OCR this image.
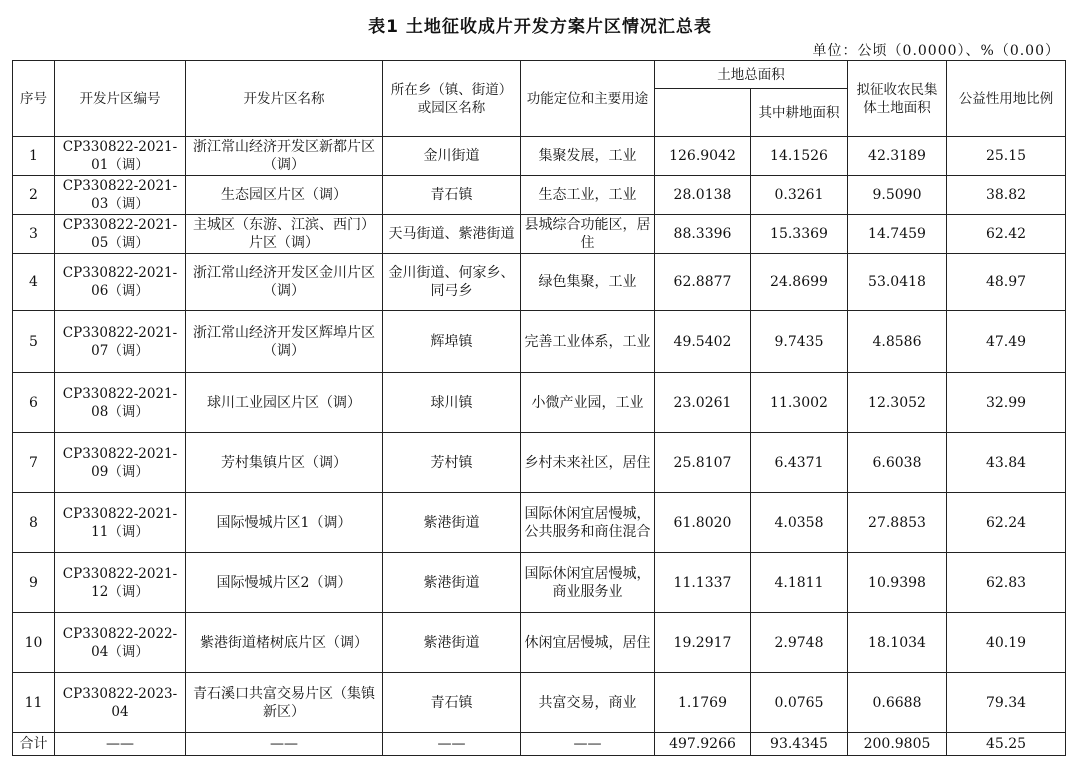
表1 土地征收成片开发方案片区情况汇总表
单位：公顷（0.0000）、%（0.00）
序号	开发片区编号	开发片区名称	所在乡（镇、街道）或园区名称	功能定位和主要用途	土地总面积		拟征收农民集体土地面积	公益性用地比例
						其中耕地面积		
1	CP330822-2021-01（调）	浙江常山经济开发区新都片区（调）	金川街道	集聚发展，工业	126.9042	14.1526	42.3189	25.15
2	CP330822-2021-03（调）	生态园区片区（调）	青石镇	生态工业，工业	28.0138	0.3261	9.5090	38.82
3	CP330822-2021-05（调）	主城区（东游、江滨、西门）片区（调）	天马街道、紫港街道	县城综合功能区，居住	88.3396	15.3369	14.7459	62.42
4	CP330822-2021-06（调）	浙江常山经济开发区金川片区（调）	金川街道、何家乡、同弓乡	绿色集聚，工业	62.8877	24.8699	53.0418	48.97
5	CP330822-2021-07（调）	浙江常山经济开发区辉埠片区（调）	辉埠镇	完善工业体系，工业	49.5402	9.7435	4.8586	47.49
6	CP330822-2021-08（调）	球川工业园区片区（调）	球川镇	小微产业园，工业	23.0261	11.3002	12.3052	32.99
7	CP330822-2021-09（调）	芳村集镇片区（调）	芳村镇	乡村未来社区，居住	25.8107	6.4371	6.6038	43.84
8	CP330822-2021-11（调）	国际慢城片区1（调）	紫港街道	国际休闲宜居慢城，公共服务和商住混合	61.8020	4.0358	27.8853	62.24
9	CP330822-2021-12（调）	国际慢城片区2（调）	紫港街道	国际休闲宜居慢城，商业服务业	11.1337	4.1811	10.9398	62.83
10	CP330822-2022-04（调）	紫港街道楮树底片区（调）	紫港街道	休闲宜居慢城，居住	19.2917	2.9748	18.1034	40.19
11	CP330822-2023-04	青石溪口共富交易片区（集镇新区）	青石镇	共富交易，商业	1.1769	0.0765	0.6688	79.34
合计	——	——	——	——	497.9266	93.4345	200.9805	45.25
